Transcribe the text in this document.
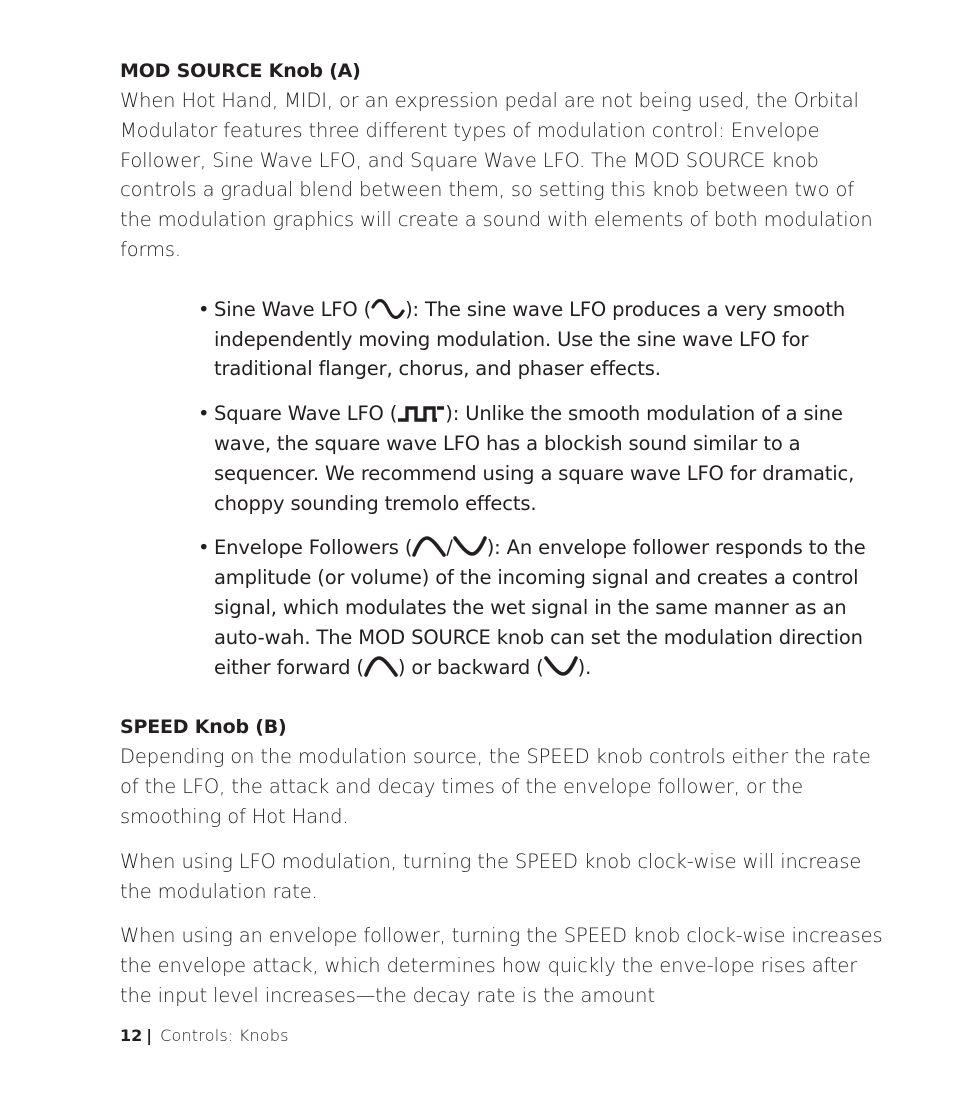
MOD SOURCE Knob (A)

When Hot Hand, MIDI, or an expression pedal are not being used, the Orbital Modulator features three different types of modulation control: Envelope Follower, Sine Wave LFO, and Square Wave LFO. The MOD SOURCE knob controls a gradual blend between them, so setting this knob between two of the modulation graphics will create a sound with elements of both modulation forms.

• Sine Wave LFO ( ): The sine wave LFO produces a very smooth independently moving modulation. Use the sine wave LFO for traditional flanger, chorus, and phaser effects.
• Square Wave LFO ( ): Unlike the smooth modulation of a sine wave, the square wave LFO has a blockish sound similar to a sequencer. We recommend using a square wave LFO for dramatic, choppy sounding tremolo effects.
• Envelope Followers ( / ): An envelope follower responds to the amplitude (or volume) of the incoming signal and creates a control signal, which modulates the wet signal in the same manner as an auto-wah. The MOD SOURCE knob can set the modulation direction either forward ( ) or backward ( ).
SPEED Knob (B)

Depending on the modulation source, the SPEED knob controls either the rate of the LFO, the attack and decay times of the envelope follower, or the smoothing of Hot Hand.

When using LFO modulation, turning the SPEED knob clock-wise will increase the modulation rate.

When using an envelope follower, turning the SPEED knob clock-wise increases the envelope attack, which determines how quickly the enve-lope rises after the input level increases—the decay rate is the amount

12 | Controls: Knobs
